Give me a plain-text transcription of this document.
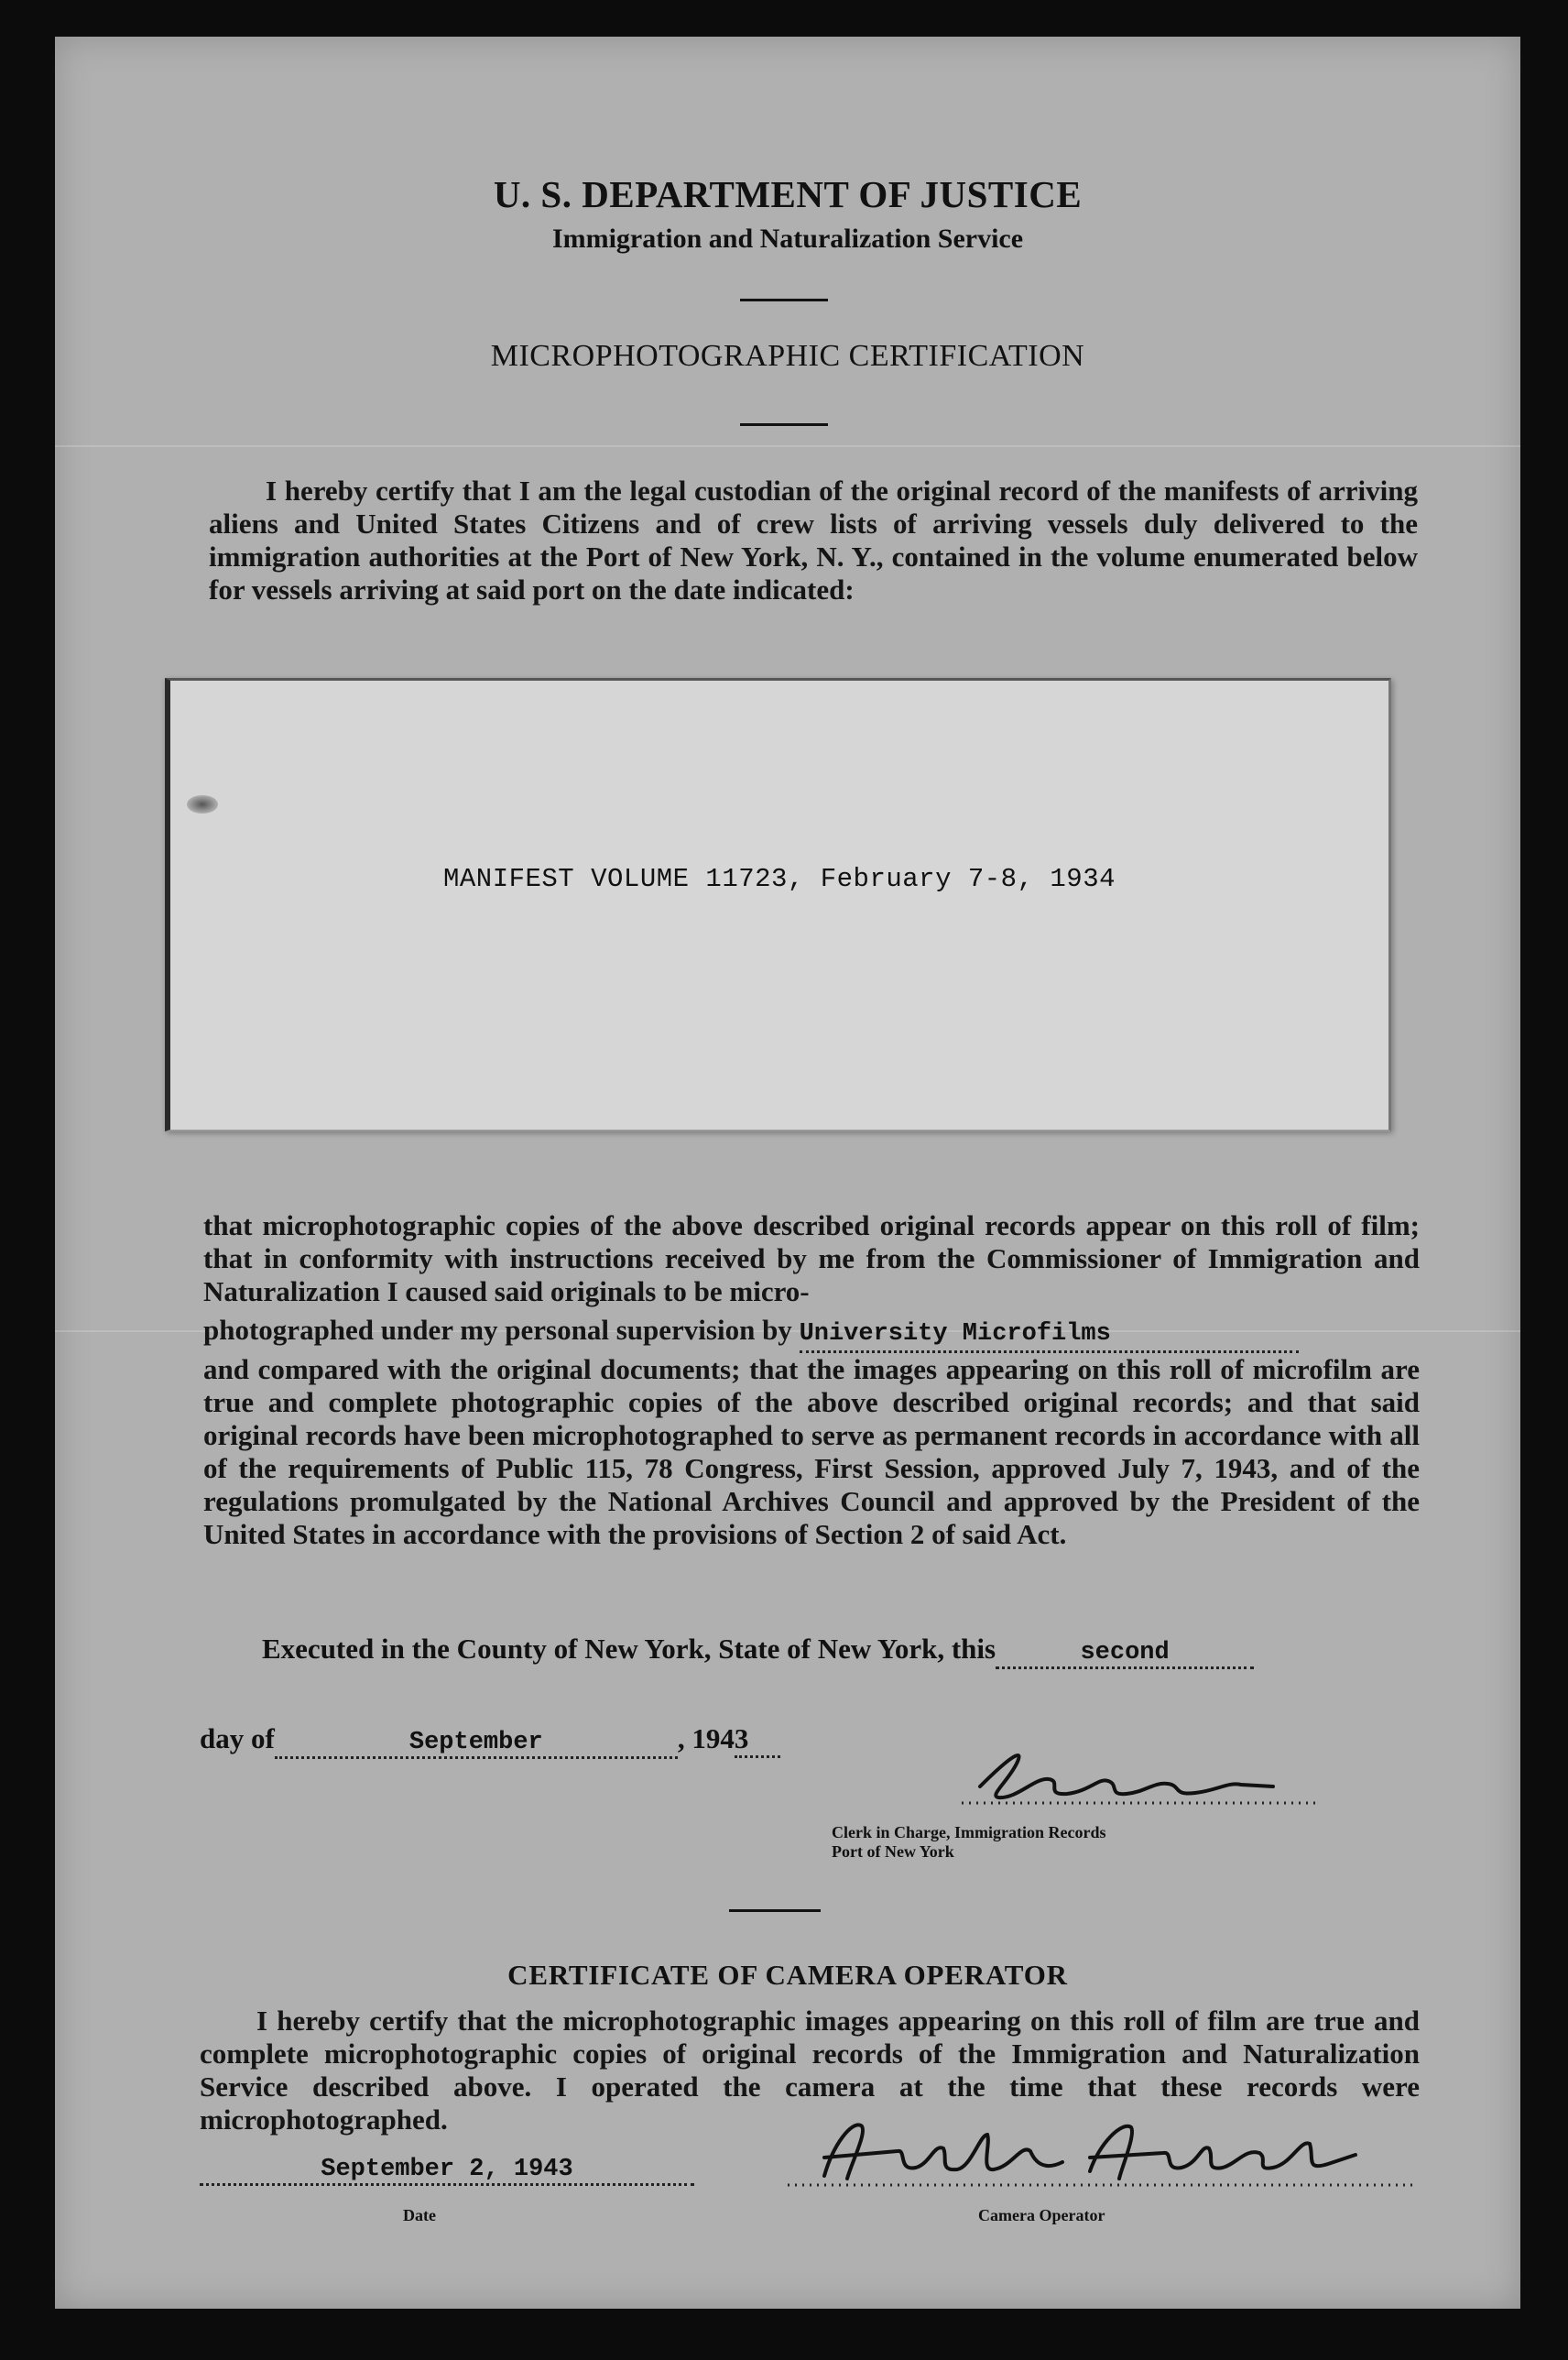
U. S. DEPARTMENT OF JUSTICE
Immigration and Naturalization Service
MICROPHOTOGRAPHIC CERTIFICATION

I hereby certify that I am the legal custodian of the original record of the manifests of arriving aliens and United States Citizens and of crew lists of arriving vessels duly delivered to the immigration authorities at the Port of New York, N. Y., contained in the volume enumerated below for vessels arriving at said port on the date indicated:

MANIFEST VOLUME 11723, February 7-8, 1934

that microphotographic copies of the above described original records appear on this roll of film; that in conformity with instructions received by me from the Commissioner of Immigration and Naturalization I caused said originals to be micro-

photographed under my personal supervision by University Microfilms

and compared with the original documents; that the images appearing on this roll of microfilm are true and complete photographic copies of the above described original records; and that said original records have been microphotographed to serve as permanent records in accordance with all of the requirements of Public 115, 78 Congress, First Session, approved July 7, 1943, and of the regulations promulgated by the National Archives Council and approved by the President of the United States in accordance with the provisions of Section 2 of said Act.

Executed in the County of New York, State of New York, this	second
day of	September	, 1943
Clerk in Charge, Immigration Records
Port of New York
CERTIFICATE OF CAMERA OPERATOR

I hereby certify that the microphotographic images appearing on this roll of film are true and complete microphotographic copies of original records of the Immigration and Naturalization Service described above. I operated the camera at the time that these records were microphotographed.

September 2, 1943
Date	Camera Operator
